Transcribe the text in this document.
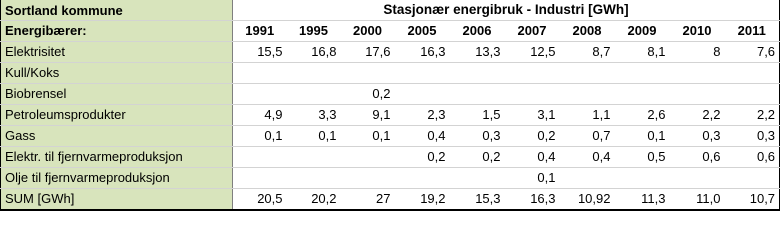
Sortland kommune	Stasjonær energibruk - Industri [GWh]									
Energibærer:	1991	1995	2000	2005	2006	2007	2008	2009	2010	2011
Elektrisitet	15,5	16,8	17,6	16,3	13,3	12,5	8,7	8,1	8	7,6
Kull/Koks										
Biobrensel			0,2							
Petroleumsprodukter	4,9	3,3	9,1	2,3	1,5	3,1	1,1	2,6	2,2	2,2
Gass	0,1	0,1	0,1	0,4	0,3	0,2	0,7	0,1	0,3	0,3
Elektr. til fjernvarmeproduksjon				0,2	0,2	0,4	0,4	0,5	0,6	0,6
Olje til fjernvarmeproduksjon						0,1				
SUM [GWh]	20,5	20,2	27	19,2	15,3	16,3	10,92	11,3	11,0	10,7
